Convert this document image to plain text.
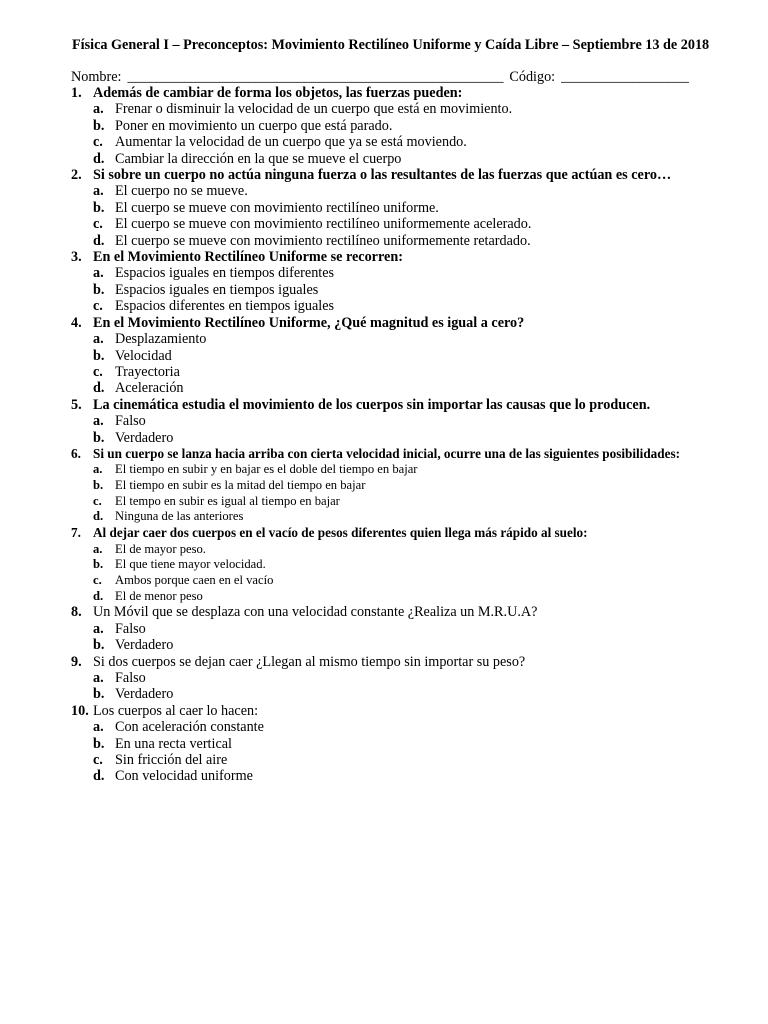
Física General I – Preconceptos: Movimiento Rectilíneo Uniforme y Caída Libre – Septiembre 13 de 2018
Nombre: _____________________________________________________ Código: __________________
1. Además de cambiar de forma los objetos, las fuerzas pueden:
a. Frenar o disminuir la velocidad de un cuerpo que está en movimiento.
b. Poner en movimiento un cuerpo que está parado.
c. Aumentar la velocidad de un cuerpo que ya se está moviendo.
d. Cambiar la dirección en la que se mueve el cuerpo
2. Si sobre un cuerpo no actúa ninguna fuerza o las resultantes de las fuerzas que actúan es cero…
a. El cuerpo no se mueve.
b. El cuerpo se mueve con movimiento rectilíneo uniforme.
c. El cuerpo se mueve con movimiento rectilíneo uniformemente acelerado.
d. El cuerpo se mueve con movimiento rectilíneo uniformemente retardado.
3. En el Movimiento Rectilíneo Uniforme se recorren:
a. Espacios iguales en tiempos diferentes
b. Espacios iguales en tiempos iguales
c. Espacios diferentes en tiempos iguales
4. En el Movimiento Rectilíneo Uniforme, ¿Qué magnitud es igual a cero?
a. Desplazamiento
b. Velocidad
c. Trayectoria
d. Aceleración
5. La cinemática estudia el movimiento de los cuerpos sin importar las causas que lo producen.
a. Falso
b. Verdadero
6. Si un cuerpo se lanza hacia arriba con cierta velocidad inicial, ocurre una de las siguientes posibilidades:
a. El tiempo en subir y en bajar es el doble del tiempo en bajar
b. El tiempo en subir es la mitad del tiempo en bajar
c.	El tempo en subir es igual al tiempo en bajar
d. Ninguna de las anteriores
7. Al dejar caer dos cuerpos en el vacío de pesos diferentes quien llega más rápido al suelo:
a. El de mayor peso.
b. El que tiene mayor velocidad.
c.	Ambos porque caen en el vacío
d. El de menor peso
8. Un Móvil que se desplaza con una velocidad constante ¿Realiza un M.R.U.A?
a. Falso
b. Verdadero
9. Si dos cuerpos se dejan caer ¿Llegan al mismo tiempo sin importar su peso?
a. Falso
b. Verdadero
10. Los cuerpos al caer lo hacen:
a. Con aceleración constante
b. En una recta vertical
c. Sin fricción del aire
d. Con velocidad uniforme
